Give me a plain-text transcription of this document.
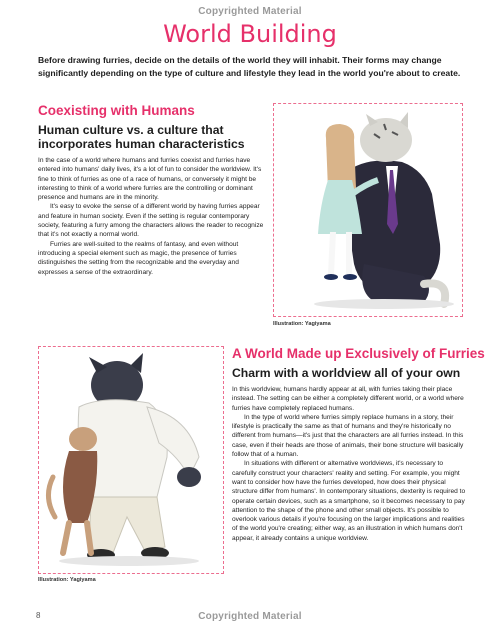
Copyrighted Material
World Building

Before drawing furries, decide on the details of the world they will inhabit. Their forms may change significantly depending on the type of culture and lifestyle they lead in the world you're about to create.

Coexisting with Humans
Human culture vs. a culture that incorporates human characteristics

In the case of a world where humans and furries coexist and furries have entered into humans' daily lives, it's a lot of fun to consider the worldview. It's fine to think of furries as one of a race of humans, or conversely it might be interesting to think of a world where furries are the controlling or dominant presence and humans are in the minority.

It's easy to evoke the sense of a different world by having furries appear and feature in human society. Even if the setting is regular contemporary society, featuring a furry among the characters allows the reader to recognize that it's not exactly a normal world.

Furries are well-suited to the realms of fantasy, and even without introducing a special element such as magic, the presence of furries distinguishes the setting from the recognizable and the everyday and expresses a sense of the extraordinary.

Illustration: Yagiyama
A World Made up Exclusively of Furries
Charm with a worldview all of your own

In this worldview, humans hardly appear at all, with furries taking their place instead. The setting can be either a completely different world, or a world where furries have completely replaced humans.

In the type of world where furries simply replace humans in a story, their lifestyle is practically the same as that of humans and they're historically no different from humans—it's just that the characters are all furries instead. In this case, even if their heads are those of animals, their bone structure will basically follow that of a human.

In situations with different or alternative worldviews, it's necessary to carefully construct your characters' reality and setting. For example, you might want to consider how have the furries developed, how does their physical structure differ from humans'. In contemporary situations, dexterity is required to operate certain devices, such as a smartphone, so it becomes necessary to pay attention to the shape of the phone and other small objects. It's possible to overlook various details if you're focusing on the larger implications and realities of the world you're creating; either way, as an illustration in which humans don't appear, it already contains a unique worldview.

Illustration: Yagiyama
8	Copyrighted Material
